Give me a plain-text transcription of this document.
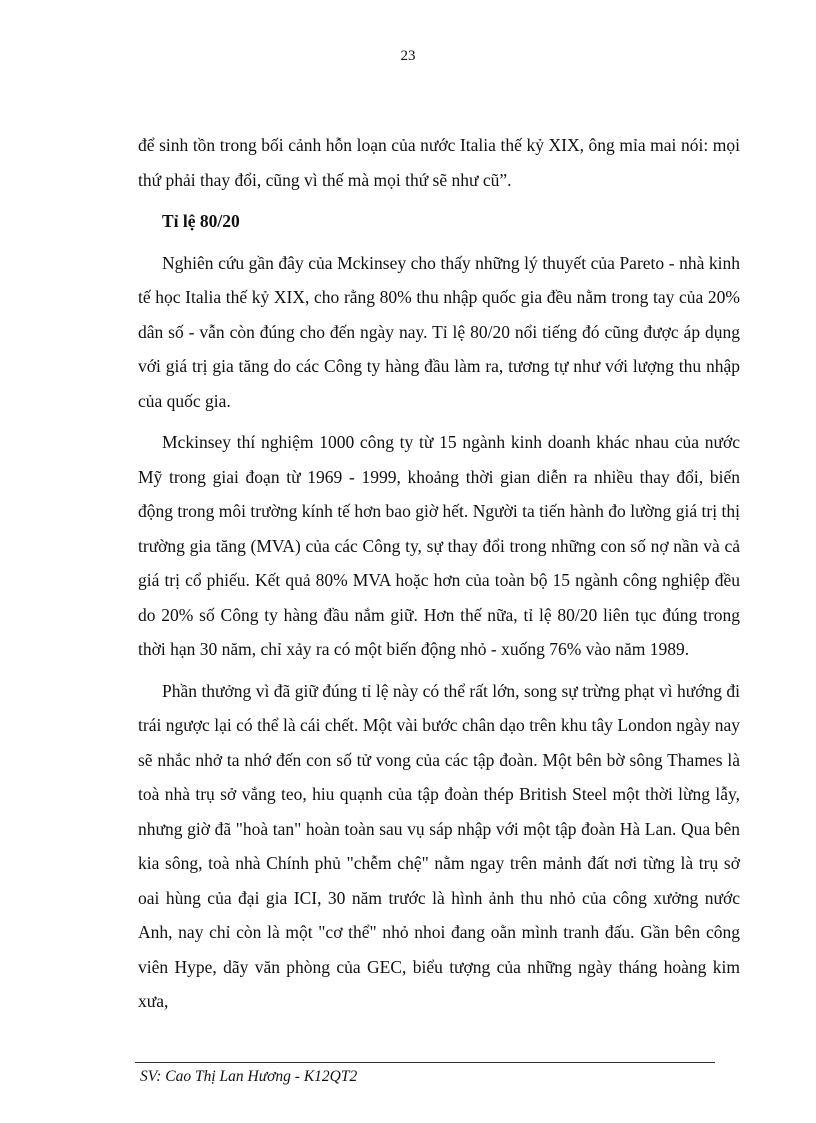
23

để sinh tồn trong bối cảnh hỗn loạn của nước Italia thế kỷ XIX, ông mỉa mai nói: mọi thứ phải thay đổi, cũng vì thế mà mọi thứ sẽ như cũ”.

Tỉ lệ 80/20

Nghiên cứu gần đây của Mckinsey cho thấy những lý thuyết của Pareto - nhà kinh tế học Italia thế kỷ XIX, cho rằng 80% thu nhập quốc gia đều nằm trong tay của 20% dân số - vẫn còn đúng cho đến ngày nay. Tỉ lệ 80/20 nổi tiếng đó cũng được áp dụng với giá trị gia tăng do các Công ty hàng đầu làm ra, tương tự như với lượng thu nhập của quốc gia.

Mckinsey thí nghiệm 1000 công ty từ 15 ngành kinh doanh khác nhau của nước Mỹ trong giai đoạn từ 1969 - 1999, khoảng thời gian diễn ra nhiều thay đổi, biến động trong môi trường kính tế hơn bao giờ hết. Người ta tiến hành đo lường giá trị thị trường gia tăng (MVA) của các Công ty, sự thay đổi trong những con số nợ nần và cả giá trị cổ phiếu. Kết quả 80% MVA hoặc hơn của toàn bộ 15 ngành công nghiệp đều do 20% số Công ty hàng đầu nắm giữ. Hơn thế nữa, tỉ lệ 80/20 liên tục đúng trong thời hạn 30 năm, chỉ xảy ra có một biến động nhỏ - xuống 76% vào năm 1989.

Phần thưởng vì đã giữ đúng tỉ lệ này có thể rất lớn, song sự trừng phạt vì hướng đi trái ngược lại có thể là cái chết. Một vài bước chân dạo trên khu tây London ngày nay sẽ nhắc nhở ta nhớ đến con số tử vong của các tập đoàn. Một bên bờ sông Thames là toà nhà trụ sở vắng teo, hiu quạnh của tập đoàn thép British Steel một thời lừng lẫy, nhưng giờ đã "hoà tan" hoàn toàn sau vụ sáp nhập với một tập đoàn Hà Lan. Qua bên kia sông, toà nhà Chính phủ "chễm chệ" nằm ngay trên mảnh đất nơi từng là trụ sở oai hùng của đại gia ICI, 30 năm trước là hình ảnh thu nhỏ của công xưởng nước Anh, nay chỉ còn là một "cơ thể" nhỏ nhoi đang oằn mình tranh đấu. Gần bên công viên Hype, dãy văn phòng của GEC, biểu tượng của những ngày tháng hoàng kim xưa,

SV: Cao Thị Lan Hương - K12QT2
